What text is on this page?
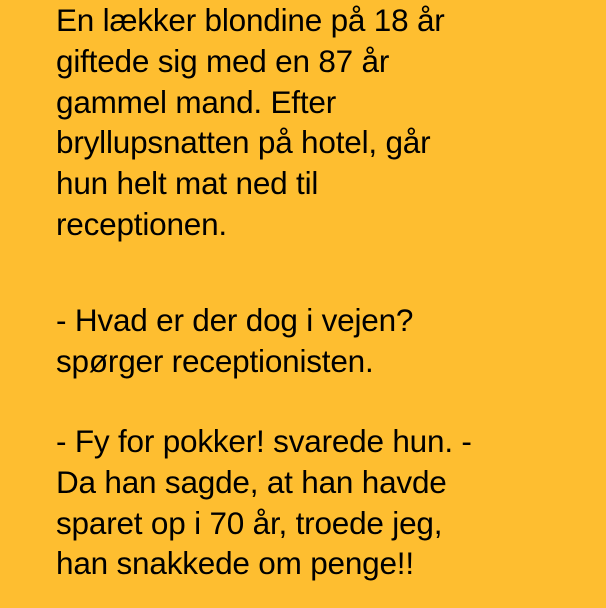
En lækker blondine på 18 år
giftede sig med en 87 år
gammel mand. Efter
bryllupsnatten på hotel, går
hun helt mat ned til
receptionen.
- Hvad er der dog i vejen?
spørger receptionisten.
- Fy for pokker! svarede hun. -
Da han sagde, at han havde
sparet op i 70 år, troede jeg,
han snakkede om penge!!
